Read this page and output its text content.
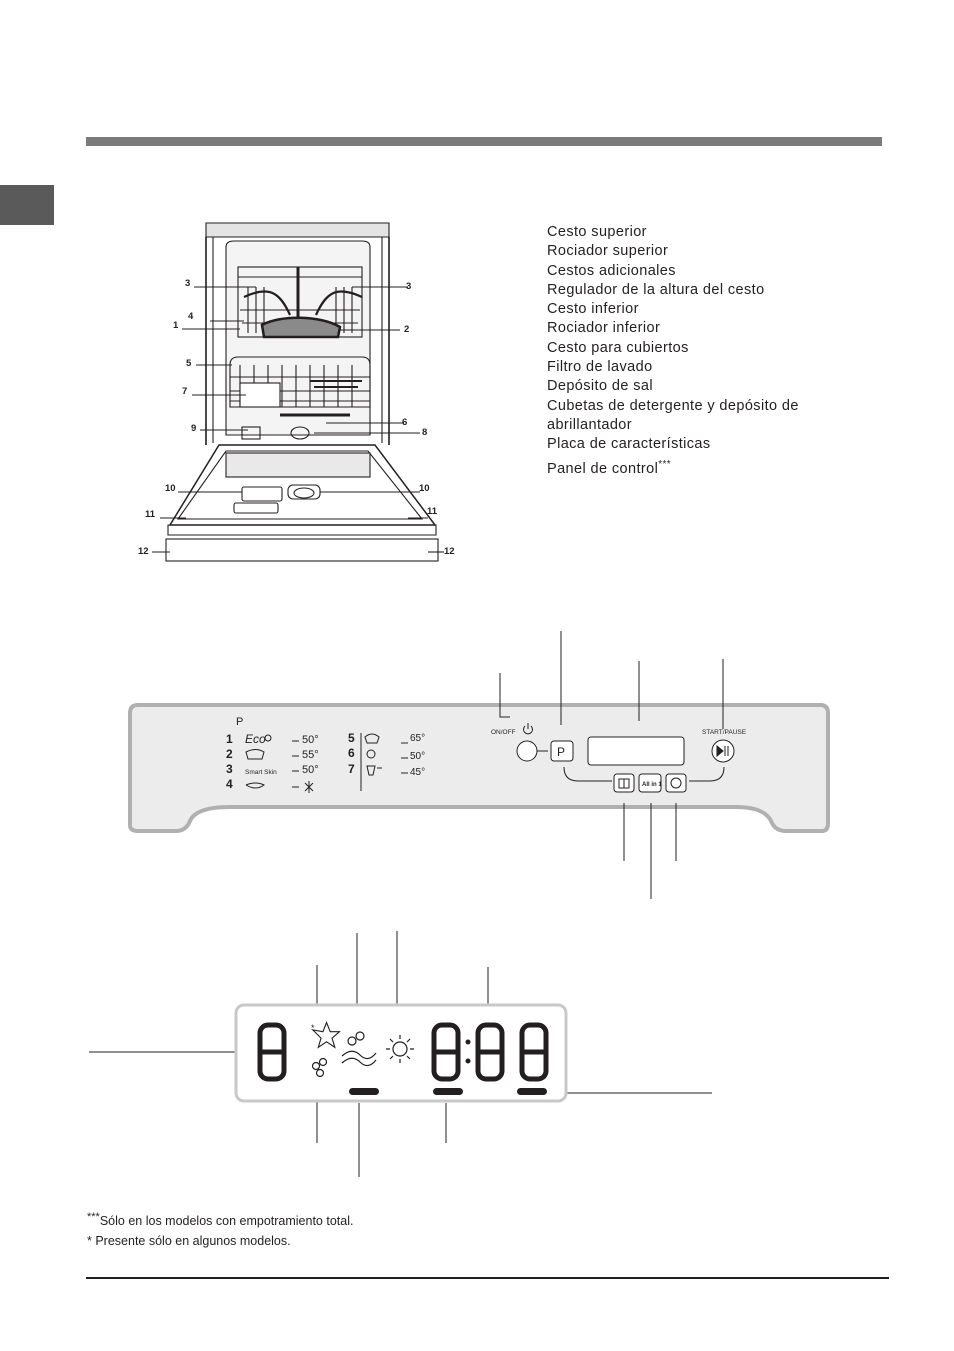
3	3
4
1	2
5
7
6
9	8
10	10
11	11
12	12
Cesto superior
Rociador superior
Cestos adicionales
Regulador de la altura del cesto
Cesto inferior
Rociador inferior
Cesto para cubiertos
Filtro de lavado
Depósito de sal
Cubetas de detergente y depósito de
abrillantador
Placa de características
Panel de control***
P
1
2
3
4
Eco
Smart Skin
50°
55°
50°
5
6
7
65°
50°
45°
ON/OFF	START/PAUSE
P
All in 1
*
***Sólo en los modelos con empotramiento total.
* Presente sólo en algunos modelos.
